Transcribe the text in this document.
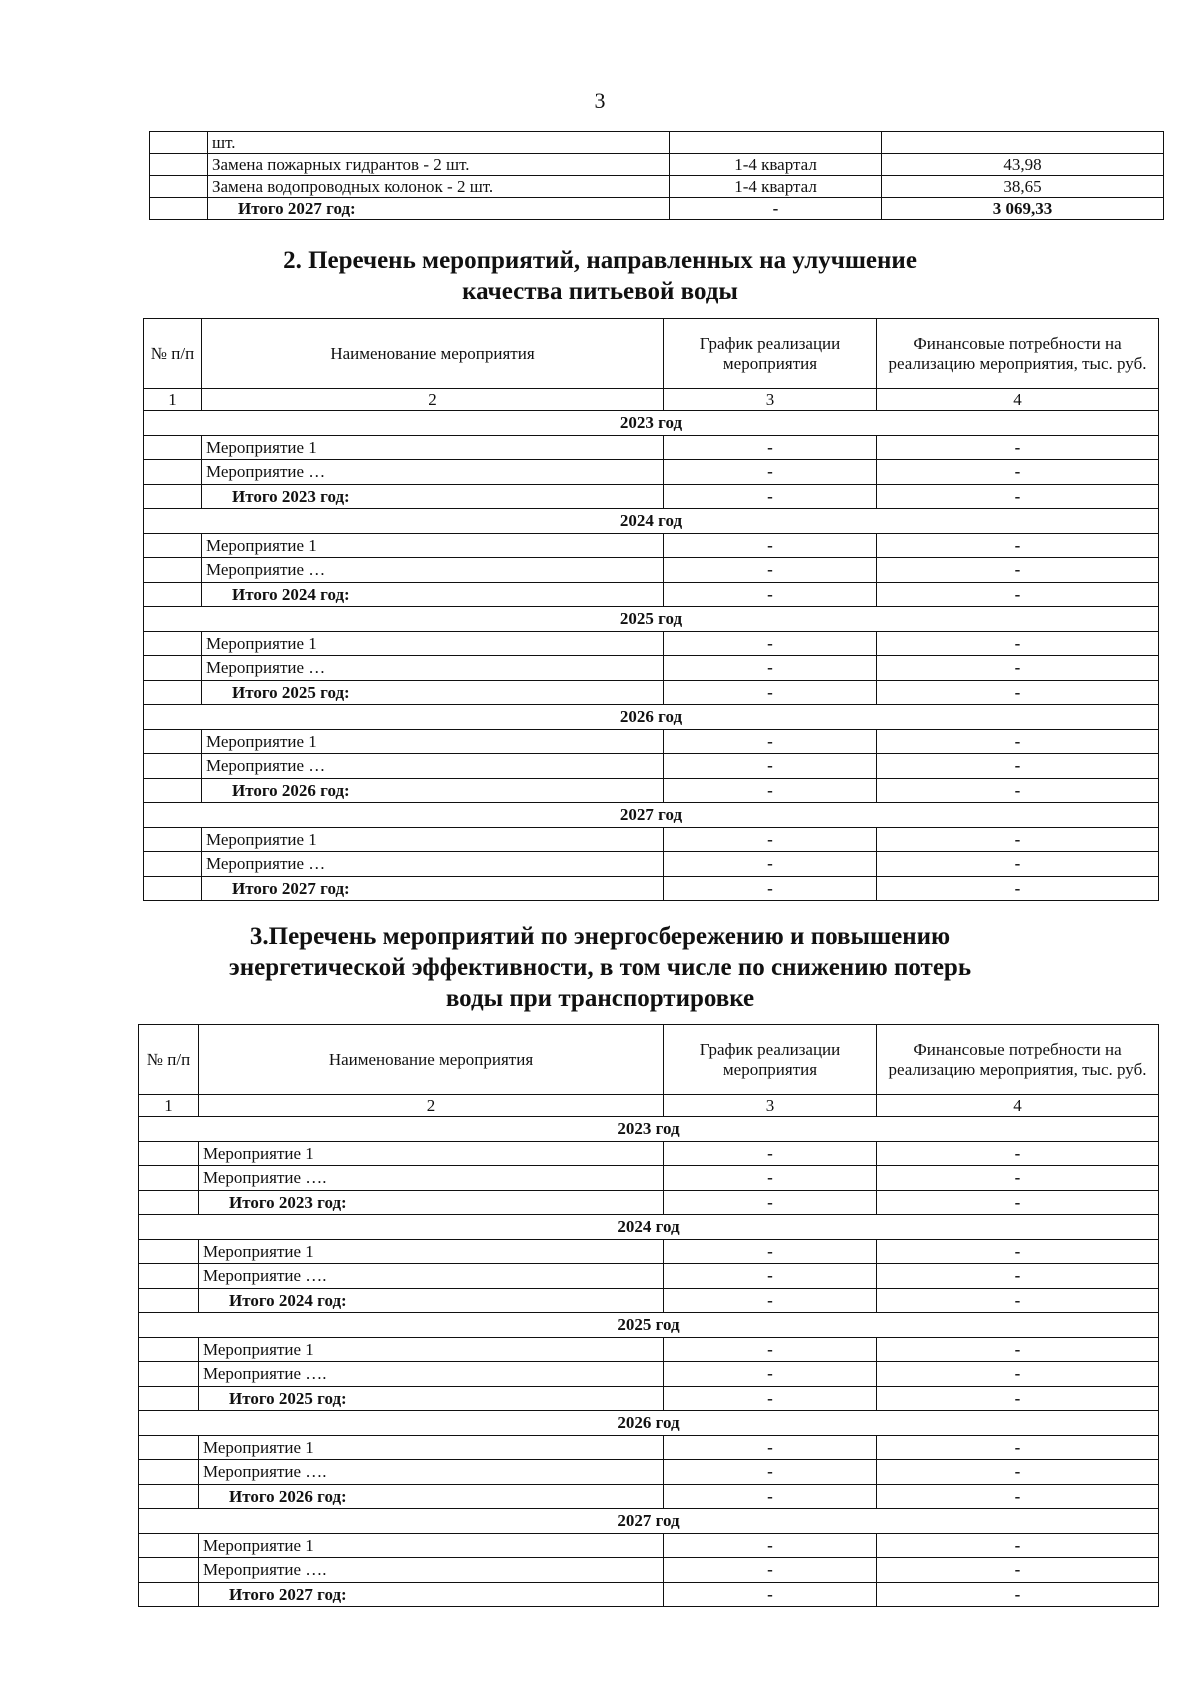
3
	шт.		
	Замена пожарных гидрантов - 2 шт.	1-4 квартал	43,98
	Замена водопроводных колонок - 2 шт.	1-4 квартал	38,65
	Итого 2027 год:	-	3 069,33
2. Перечень мероприятий, направленных на улучшение
качества питьевой воды
№ п/п	Наименование мероприятия	График реализации мероприятия	Финансовые потребности на реализацию мероприятия, тыс. руб.
1	2	3	4
2023 год			
	Мероприятие 1	-	-
	Мероприятие …	-	-
	Итого 2023 год:	-	-
2024 год			
	Мероприятие 1	-	-
	Мероприятие …	-	-
	Итого 2024 год:	-	-
2025 год			
	Мероприятие 1	-	-
	Мероприятие …	-	-
	Итого 2025 год:	-	-
2026 год			
	Мероприятие 1	-	-
	Мероприятие …	-	-
	Итого 2026 год:	-	-
2027 год			
	Мероприятие 1	-	-
	Мероприятие …	-	-
	Итого 2027 год:	-	-
3.Перечень мероприятий по энергосбережению и повышению
энергетической эффективности, в том числе по снижению потерь
воды при транспортировке
№ п/п	Наименование мероприятия	График реализации мероприятия	Финансовые потребности на реализацию мероприятия, тыс. руб.
1	2	3	4
2023 год			
	Мероприятие 1	-	-
	Мероприятие ….	-	-
	Итого 2023 год:	-	-
2024 год			
	Мероприятие 1	-	-
	Мероприятие ….	-	-
	Итого 2024 год:	-	-
2025 год			
	Мероприятие 1	-	-
	Мероприятие ….	-	-
	Итого 2025 год:	-	-
2026 год			
	Мероприятие 1	-	-
	Мероприятие ….	-	-
	Итого 2026 год:	-	-
2027 год			
	Мероприятие 1	-	-
	Мероприятие ….	-	-
	Итого 2027 год:	-	-
